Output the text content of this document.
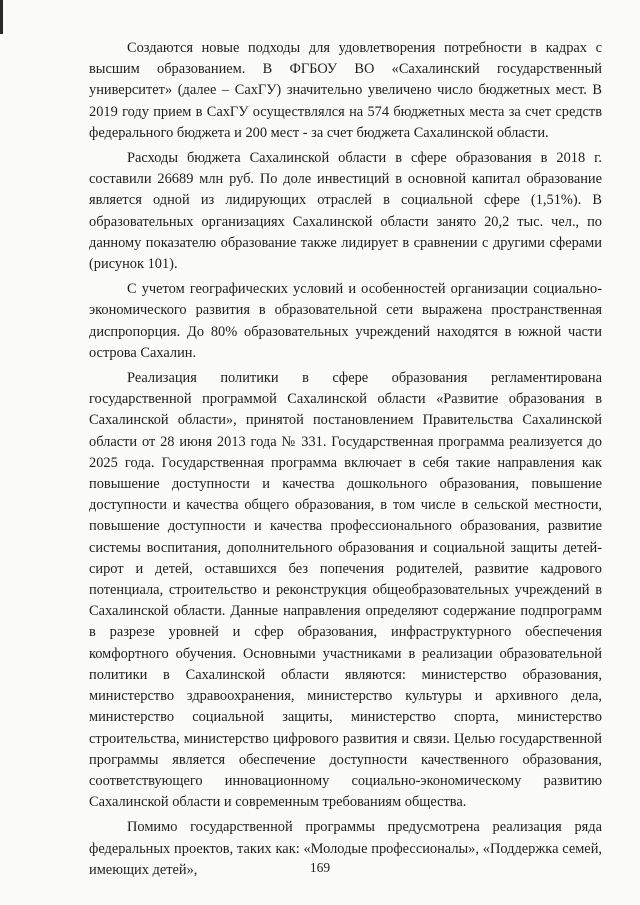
Создаются новые подходы для удовлетворения потребности в кадрах с высшим образованием. В ФГБОУ ВО «Сахалинский государственный университет» (далее – СахГУ) значительно увеличено число бюджетных мест. В 2019 году прием в СахГУ осуществлялся на 574 бюджетных места за счет средств федерального бюджета и 200 мест - за счет бюджета Сахалинской области.

Расходы бюджета Сахалинской области в сфере образования в 2018 г. составили 26689 млн руб. По доле инвестиций в основной капитал образование является одной из лидирующих отраслей в социальной сфере (1,51%). В образовательных организациях Сахалинской области занято 20,2 тыс. чел., по данному показателю образование также лидирует в сравнении с другими сферами (рисунок 101).

С учетом географических условий и особенностей организации социально-экономического развития в образовательной сети выражена пространственная диспропорция. До 80% образовательных учреждений находятся в южной части острова Сахалин.

Реализация политики в сфере образования регламентирована государственной программой Сахалинской области «Развитие образования в Сахалинской области», принятой постановлением Правительства Сахалинской области от 28 июня 2013 года № 331. Государственная программа реализуется до 2025 года. Государственная программа включает в себя такие направления как повышение доступности и качества дошкольного образования, повышение доступности и качества общего образования, в том числе в сельской местности, повышение доступности и качества профессионального образования, развитие системы воспитания, дополнительного образования и социальной защиты детей-сирот и детей, оставшихся без попечения родителей, развитие кадрового потенциала, строительство и реконструкция общеобразовательных учреждений в Сахалинской области. Данные направления определяют содержание подпрограмм в разрезе уровней и сфер образования, инфраструктурного обеспечения комфортного обучения. Основными участниками в реализации образовательной политики в Сахалинской области являются: министерство образования, министерство здравоохранения, министерство культуры и архивного дела, министерство социальной защиты, министерство спорта, министерство строительства, министерство цифрового развития и связи. Целью государственной программы является обеспечение доступности качественного образования, соответствующего инновационному социально-экономическому развитию Сахалинской области и современным требованиям общества.

Помимо государственной программы предусмотрена реализация ряда федеральных проектов, таких как: «Молодые профессионалы», «Поддержка семей, имеющих детей»,	169
